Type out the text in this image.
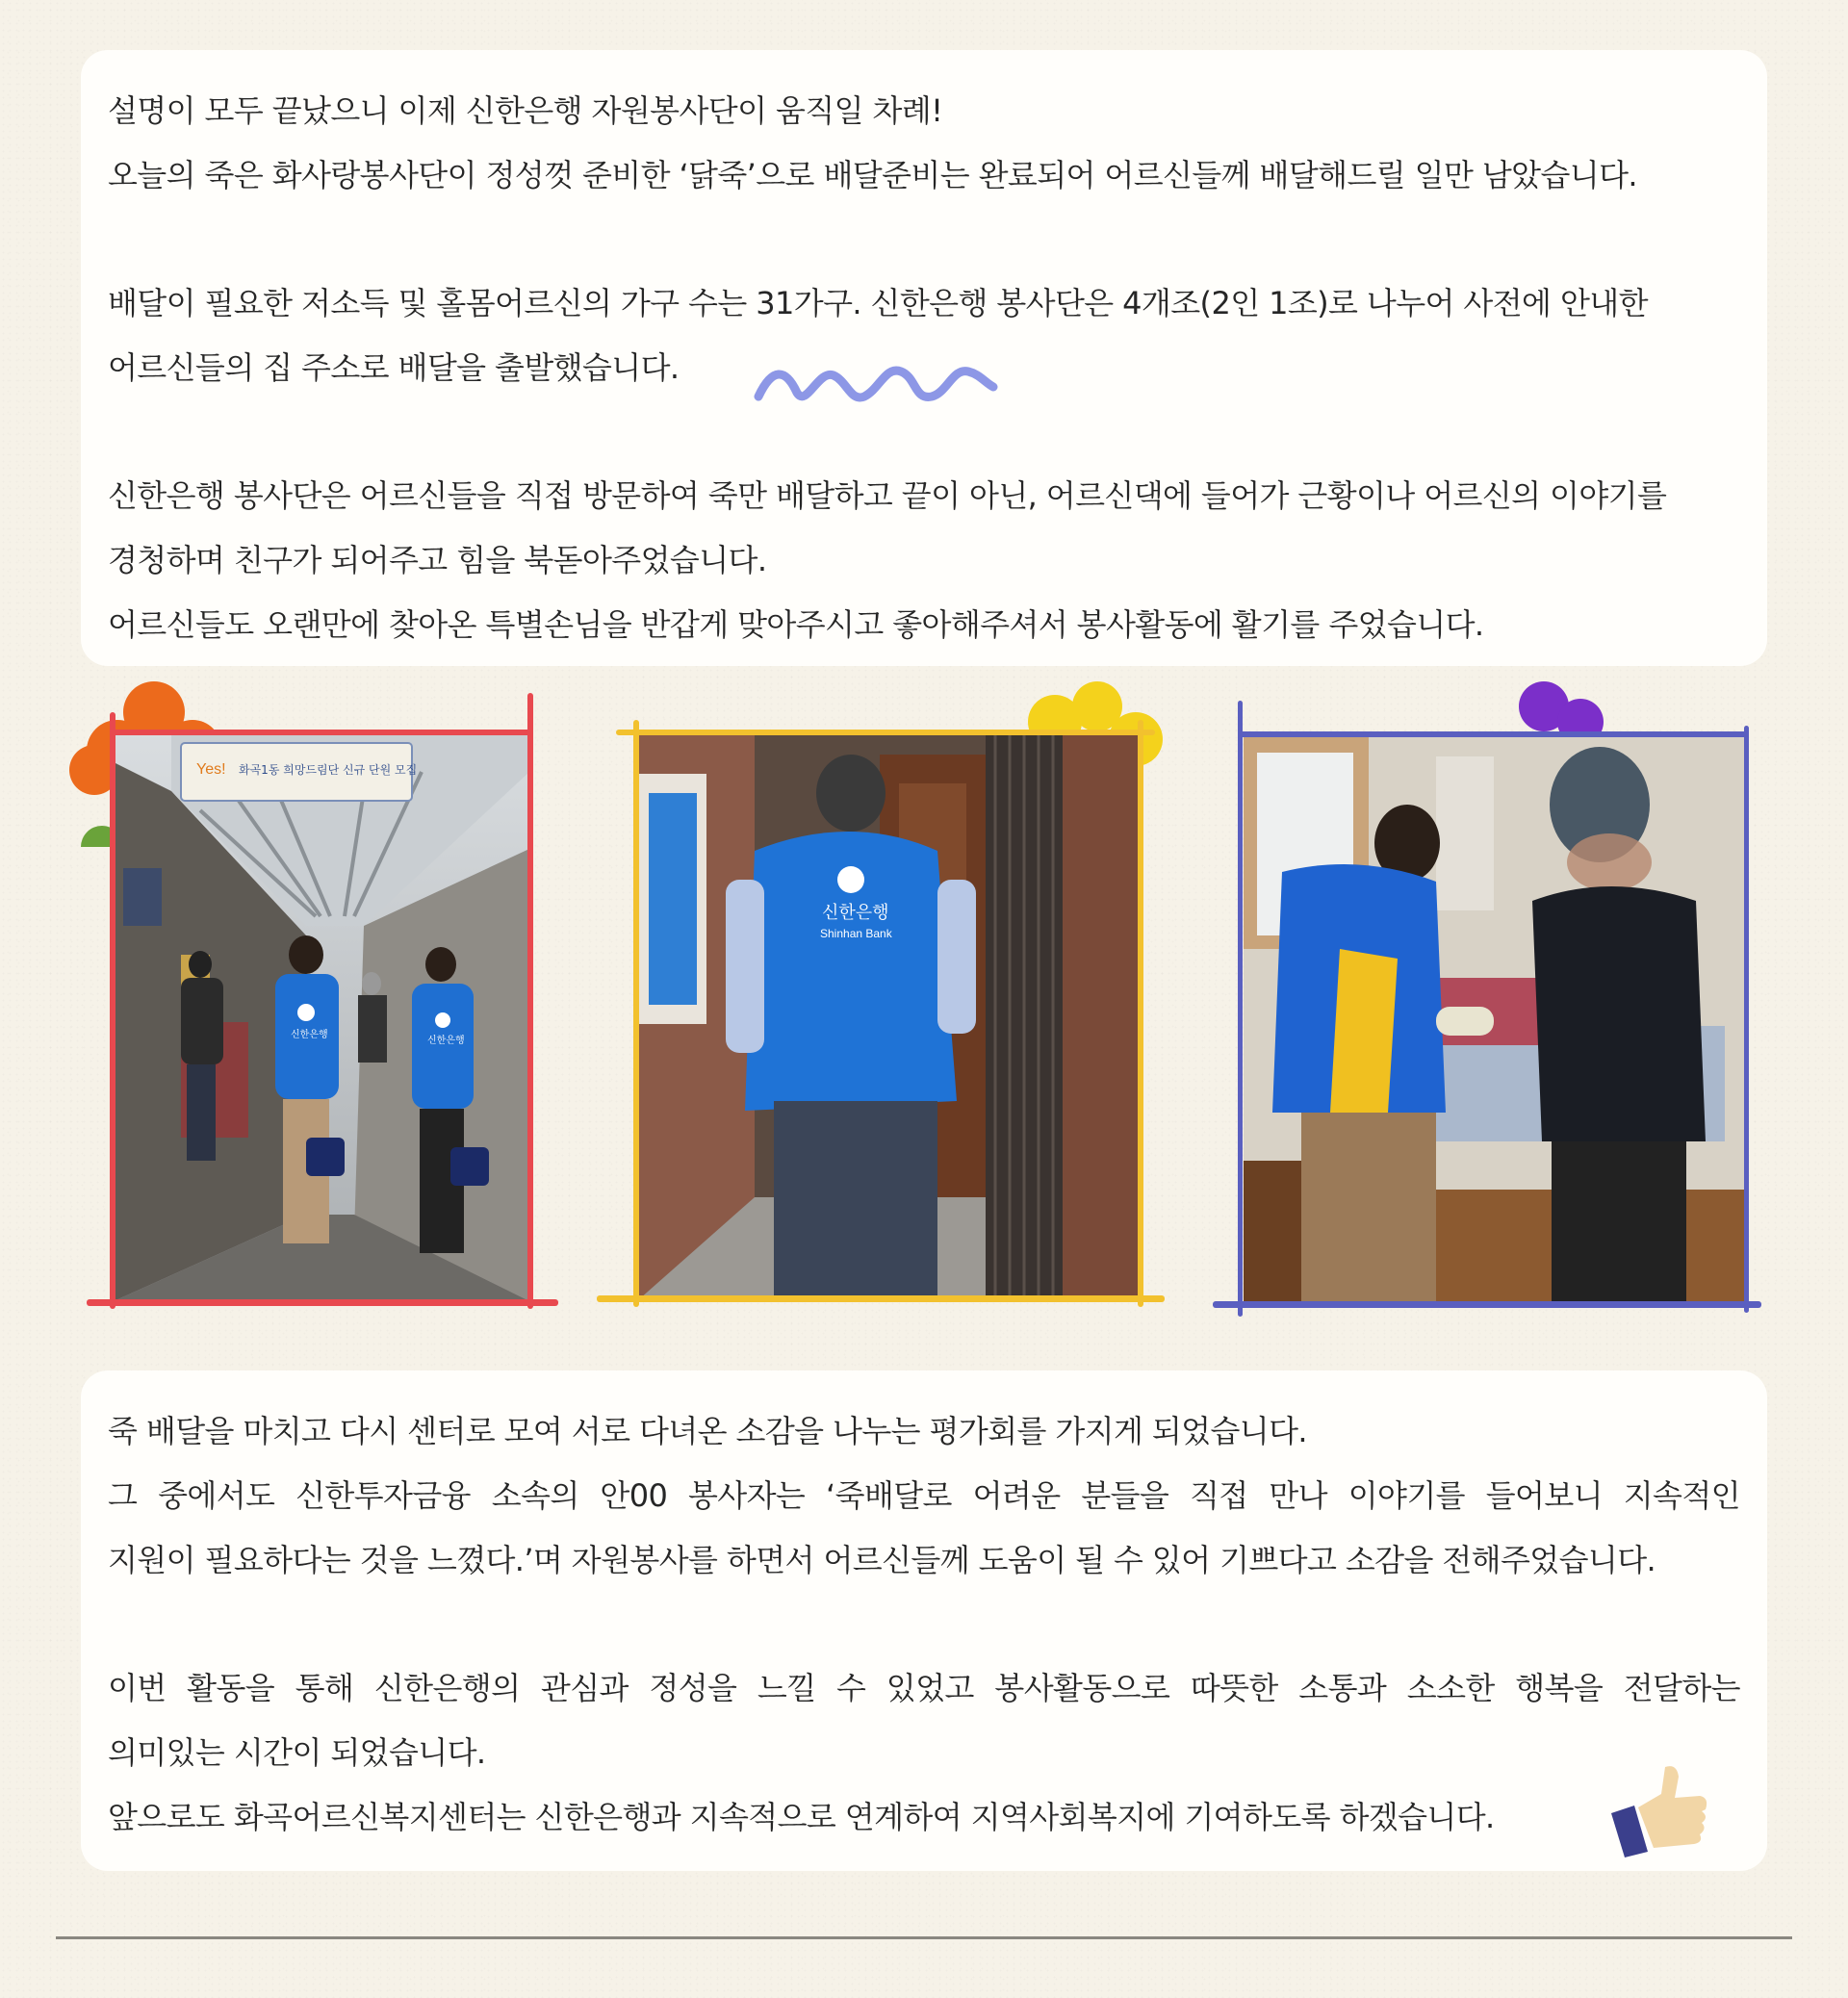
설명이 모두 끝났으니 이제 신한은행 자원봉사단이 움직일 차례!
오늘의 죽은 화사랑봉사단이 정성껏 준비한 ‘닭죽’으로 배달준비는 완료되어 어르신들께 배달해드릴 일만 남았습니다.
배달이 필요한 저소득 및 홀몸어르신의 가구 수는 31가구. 신한은행 봉사단은 4개조(2인 1조)로 나누어 사전에 안내한
어르신들의 집 주소로 배달을 출발했습니다.
신한은행 봉사단은 어르신들을 직접 방문하여 죽만 배달하고 끝이 아닌, 어르신댁에 들어가 근황이나 어르신의 이야기를
경청하며 친구가 되어주고 힘을 북돋아주었습니다.
어르신들도 오랜만에 찾아온 특별손님을 반갑게 맞아주시고 좋아해주셔서 봉사활동에 활기를 주었습니다.
Yes! 화곡1동 희망드림단 신규 단원 모집
신한은행
신한은행
신한은행
Shinhan Bank
죽 배달을 마치고 다시 센터로 모여 서로 다녀온 소감을 나누는 평가회를 가지게 되었습니다.
그 중에서도 신한투자금융 소속의 안00 봉사자는 ‘죽배달로 어려운 분들을 직접 만나 이야기를 들어보니 지속적인
지원이 필요하다는 것을 느꼈다.’며 자원봉사를 하면서 어르신들께 도움이 될 수 있어 기쁘다고 소감을 전해주었습니다.
이번 활동을 통해 신한은행의 관심과 정성을 느낄 수 있었고 봉사활동으로 따뜻한 소통과 소소한 행복을 전달하는
의미있는 시간이 되었습니다.
앞으로도 화곡어르신복지센터는 신한은행과 지속적으로 연계하여 지역사회복지에 기여하도록 하겠습니다.
